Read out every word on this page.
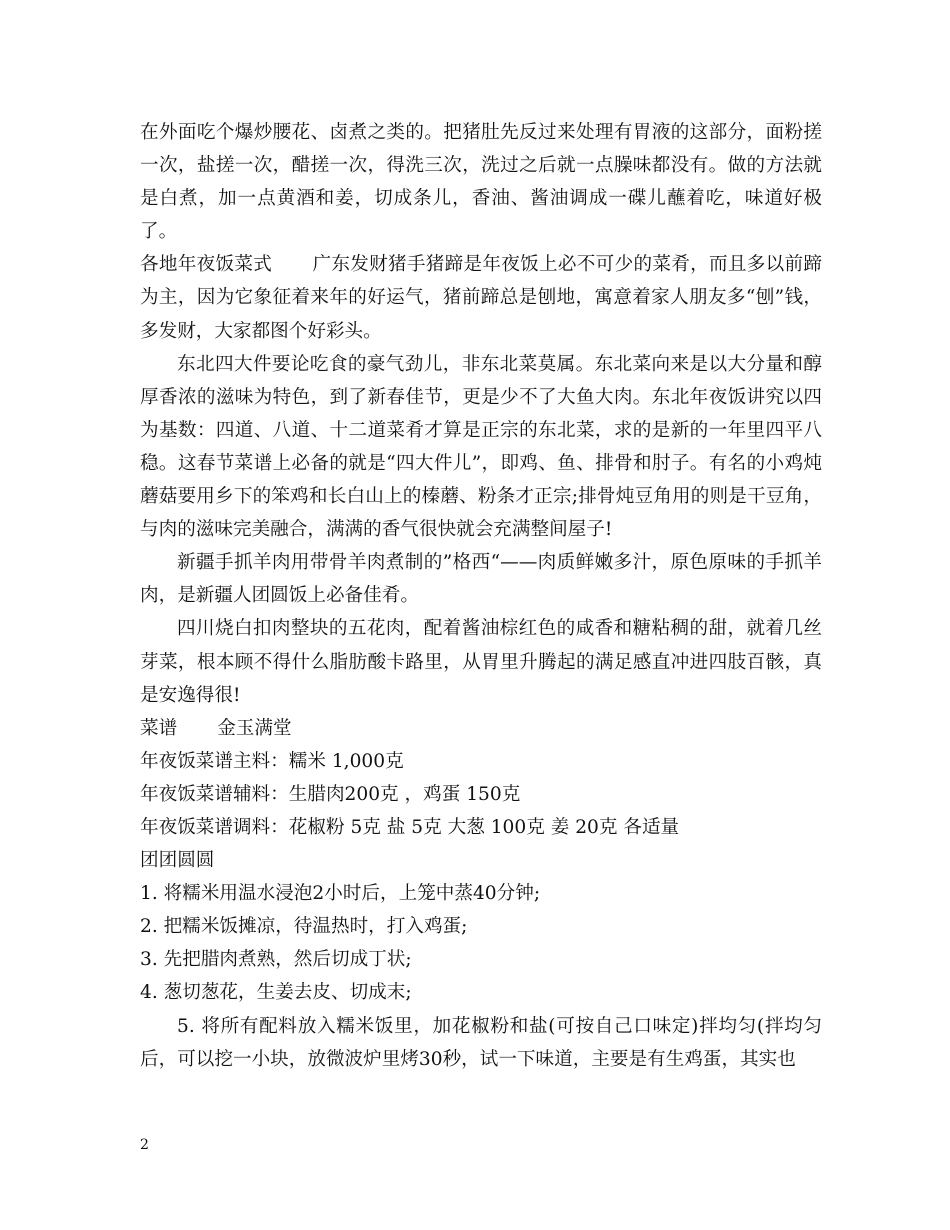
在外面吃个爆炒腰花、卤煮之类的。把猪肚先反过来处理有胃液的这部分，面粉搓一次，盐搓一次，醋搓一次，得洗三次，洗过之后就一点臊味都没有。做的方法就是白煮，加一点黄酒和姜，切成条儿，香油、酱油调成一碟儿蘸着吃，味道好极了。

各地年夜饭菜式 广东发财猪手猪蹄是年夜饭上必不可少的菜肴，而且多以前蹄为主，因为它象征着来年的好运气，猪前蹄总是刨地，寓意着家人朋友多“刨”钱，多发财，大家都图个好彩头。

东北四大件要论吃食的豪气劲儿，非东北菜莫属。东北菜向来是以大分量和醇厚香浓的滋味为特色，到了新春佳节，更是少不了大鱼大肉。东北年夜饭讲究以四为基数：四道、八道、十二道菜肴才算是正宗的东北菜，求的是新的一年里四平八稳。这春节菜谱上必备的就是“四大件儿”，即鸡、鱼、排骨和肘子。有名的小鸡炖蘑菇要用乡下的笨鸡和长白山上的榛蘑、粉条才正宗;排骨炖豆角用的则是干豆角，与肉的滋味完美融合，满满的香气很快就会充满整间屋子!

新疆手抓羊肉用带骨羊肉煮制的”格西“——肉质鲜嫩多汁，原色原味的手抓羊肉，是新疆人团圆饭上必备佳肴。

四川烧白扣肉整块的五花肉，配着酱油棕红色的咸香和糖粘稠的甜，就着几丝芽菜，根本顾不得什么脂肪酸卡路里，从胃里升腾起的满足感直冲进四肢百骸，真是安逸得很!

菜谱 金玉满堂

年夜饭菜谱主料：糯米 1,000克

年夜饭菜谱辅料：生腊肉200克 ，鸡蛋 150克

年夜饭菜谱调料：花椒粉 5克 盐 5克 大葱 100克 姜 20克 各适量

团团圆圆

1. 将糯米用温水浸泡2小时后，上笼中蒸40分钟;

2. 把糯米饭摊凉，待温热时，打入鸡蛋;

3. 先把腊肉煮熟，然后切成丁状;

4. 葱切葱花，生姜去皮、切成末;

5. 将所有配料放入糯米饭里，加花椒粉和盐(可按自己口味定)拌均匀(拌均匀后，可以挖一小块，放微波炉里烤30秒，试一下味道，主要是有生鸡蛋，其实也

2
